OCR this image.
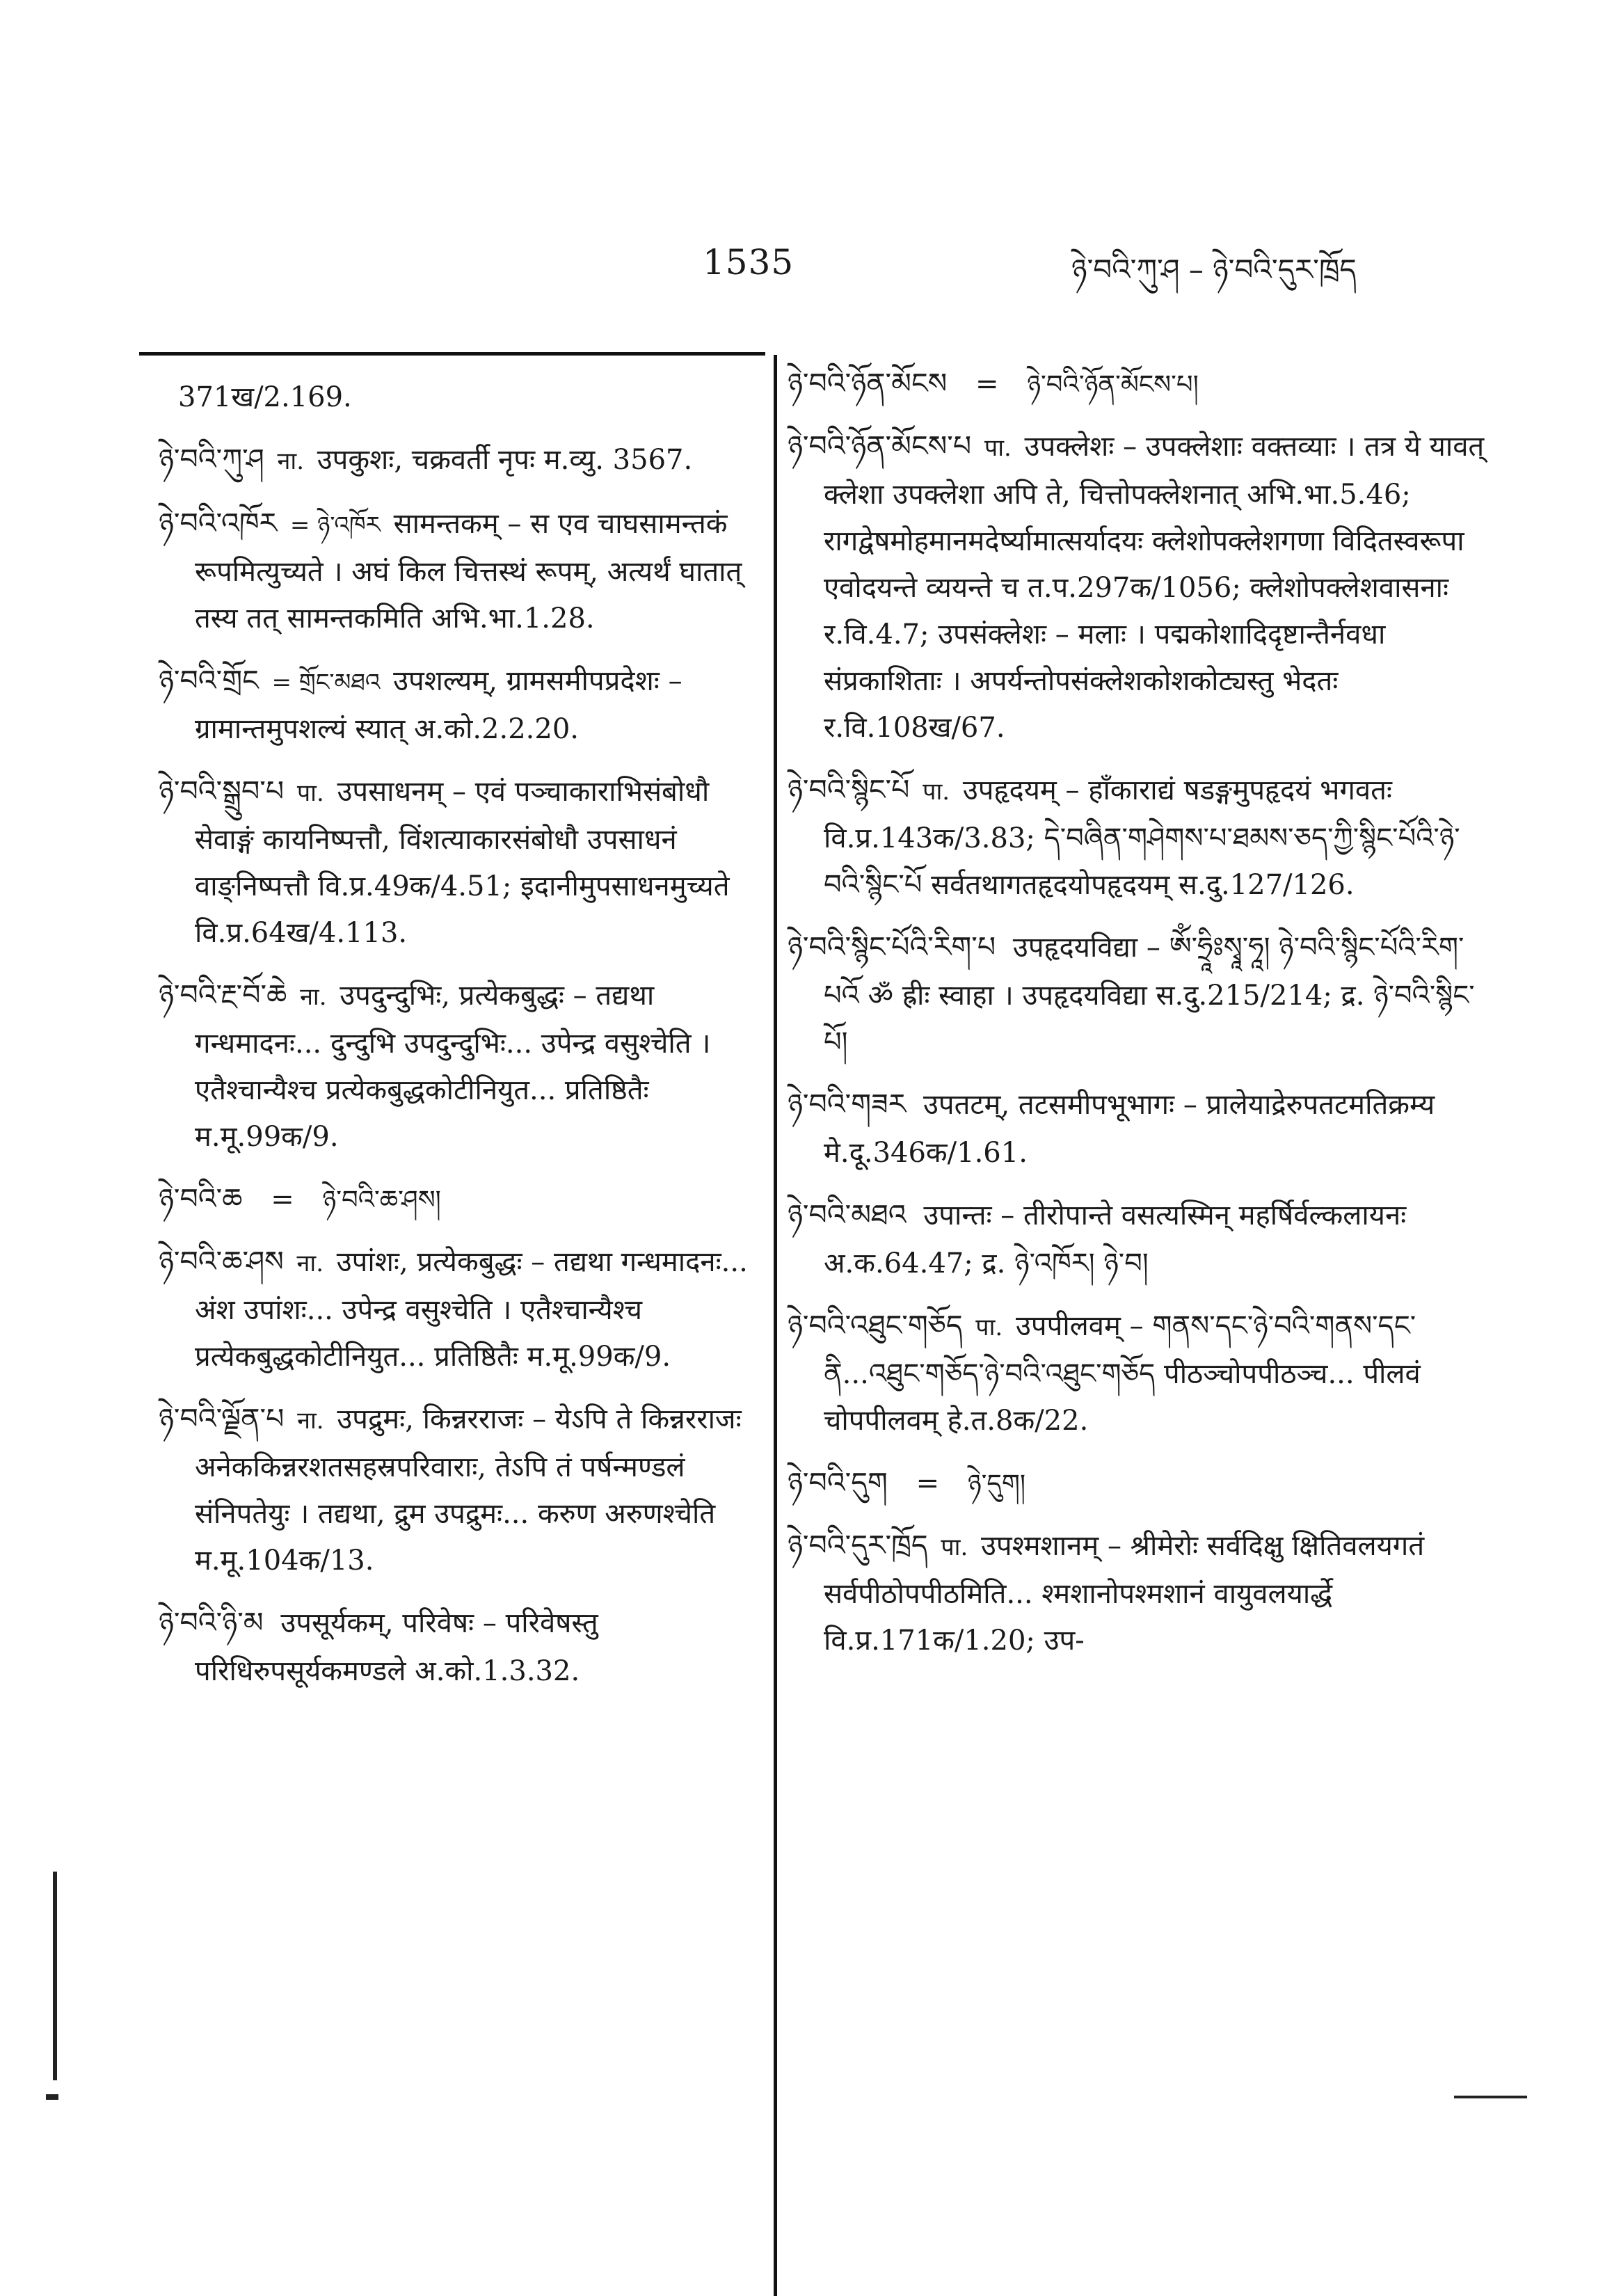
1535	ཉེ་བའི་ཀུ་ཤ – ཉེ་བའི་དུར་ཁྲོད

371ख/2.169.

ཉེ་བའི་ཀུ་ཤ ना. उपकुशः, चक्रवर्ती नृपः म.व्यु. 3567.

ཉེ་བའི་འཁོར = ཉེ་འཁོར सामन्तकम् – स एव चाघसामन्तकं रूपमित्युच्यते । अघं किल चित्तस्थं रूपम्, अत्यर्थं घातात् तस्य तत् सामन्तकमिति अभि.भा.1.28.

ཉེ་བའི་གྲོང = གྲོང་མཐའ उपशल्यम्, ग्रामसमीपप्रदेशः – ग्रामान्तमुपशल्यं स्यात् अ.को.2.2.20.

ཉེ་བའི་སྒྲུབ་པ पा. उपसाधनम् – एवं पञ्चाकाराभिसंबोधौ सेवाङ्गं कायनिष्पत्तौ, विंशत्याकारसंबोधौ उपसाधनं वाङ्निष्पत्तौ वि.प्र.49क/4.51; इदानीमुपसाधनमुच्यते वि.प्र.64ख/4.113.

ཉེ་བའི་རྔ་བོ་ཆེ ना. उपदुन्दुभिः, प्रत्येकबुद्धः – तद्यथा गन्धमादनः... दुन्दुभि उपदुन्दुभिः... उपेन्द्र वसुश्चेति । एतैश्चान्यैश्च प्रत्येकबुद्धकोटीनियुत... प्रतिष्ठितैः म.मू.99क/9.

ཉེ་བའི་ཆ = ཉེ་བའི་ཆ་ཤས།

ཉེ་བའི་ཆ་ཤས ना. उपांशः, प्रत्येकबुद्धः – तद्यथा गन्धमादनः... अंश उपांशः... उपेन्द्र वसुश्चेति । एतैश्चान्यैश्च प्रत्येकबुद्धकोटीनियुत... प्रतिष्ठितैः म.मू.99क/9.

ཉེ་བའི་ལྗོན་པ ना. उपद्रुमः, किन्नरराजः – येऽपि ते किन्नरराजः अनेककिन्नरशतसहस्रपरिवाराः, तेऽपि तं पर्षन्मण्डलं संनिपतेयुः । तद्यथा, द्रुम उपद्रुमः... करुण अरुणश्चेति म.मू.104क/13.

ཉེ་བའི་ཉི་མ उपसूर्यकम्, परिवेषः – परिवेषस्तु परिधिरुपसूर्यकमण्डले अ.को.1.3.32.

ཉེ་བའི་ཉོན་མོངས = ཉེ་བའི་ཉོན་མོངས་པ།

ཉེ་བའི་ཉོན་མོངས་པ पा. उपक्लेशः – उपक्लेशाः वक्तव्याः । तत्र ये यावत् क्लेशा उपक्लेशा अपि ते, चित्तोपक्लेशनात् अभि.भा.5.46; रागद्वेषमोहमानमदेर्ष्यामात्सर्यादयः क्लेशोपक्लेशगणा विदितस्वरूपा एवोदयन्ते व्ययन्ते च त.प.297क/1056; क्लेशोपक्लेशवासनाः र.वि.4.7; उपसंक्लेशः – मलाः । पद्मकोशादिदृष्टान्तैर्नवधा संप्रकाशिताः । अपर्यन्तोपसंक्लेशकोशकोट्यस्तु भेदतः र.वि.108ख/67.

ཉེ་བའི་སྙིང་པོ पा. उपहृदयम् – हाँकाराद्यं षडङ्गमुपहृदयं भगवतः वि.प्र.143क/3.83; དེ་བཞིན་གཤེགས་པ་ཐམས་ཅད་ཀྱི་སྙིང་པོའི་ཉེ་བའི་སྙིང་པོ सर्वतथागतहृदयोपहृदयम् स.दु.127/126.

ཉེ་བའི་སྙིང་པོའི་རིག་པ उपहृदयविद्या – ཨོཾ་ཧྲཱིཿསྭཱ་ཧཱ། ཉེ་བའི་སྙིང་པོའི་རིག་པའོ ॐ ह्रीः स्वाहा । उपहृदयविद्या स.दु.215/214; द्र. ཉེ་བའི་སྙིང་པོ།

ཉེ་བའི་གཟར उपतटम्, तटसमीपभूभागः – प्रालेयाद्रेरुपतटमतिक्रम्य मे.दू.346क/1.61.

ཉེ་བའི་མཐའ उपान्तः – तीरोपान्ते वसत्यस्मिन् महर्षिर्वल्कलायनः अ.क.64.47; द्र. ཉེ་འཁོར། ཉེ་བ།

ཉེ་བའི་འཐུང་གཅོད पा. उपपीलवम् – གནས་དང་ཉེ་བའི་གནས་དང་ནི...འཐུང་གཅོད་ཉེ་བའི་འཐུང་གཅོད पीठञ्चोपपीठञ्च... पीलवं चोपपीलवम् हे.त.8क/22.

ཉེ་བའི་དུག = ཉེ་དུག།

ཉེ་བའི་དུར་ཁྲོད पा. उपश्मशानम् – श्रीमेरोः सर्वदिक्षु क्षितिवलयगतं सर्वपीठोपपीठमिति... श्मशानोपश्मशानं वायुवलयार्द्धे वि.प्र.171क/1.20; उप-
